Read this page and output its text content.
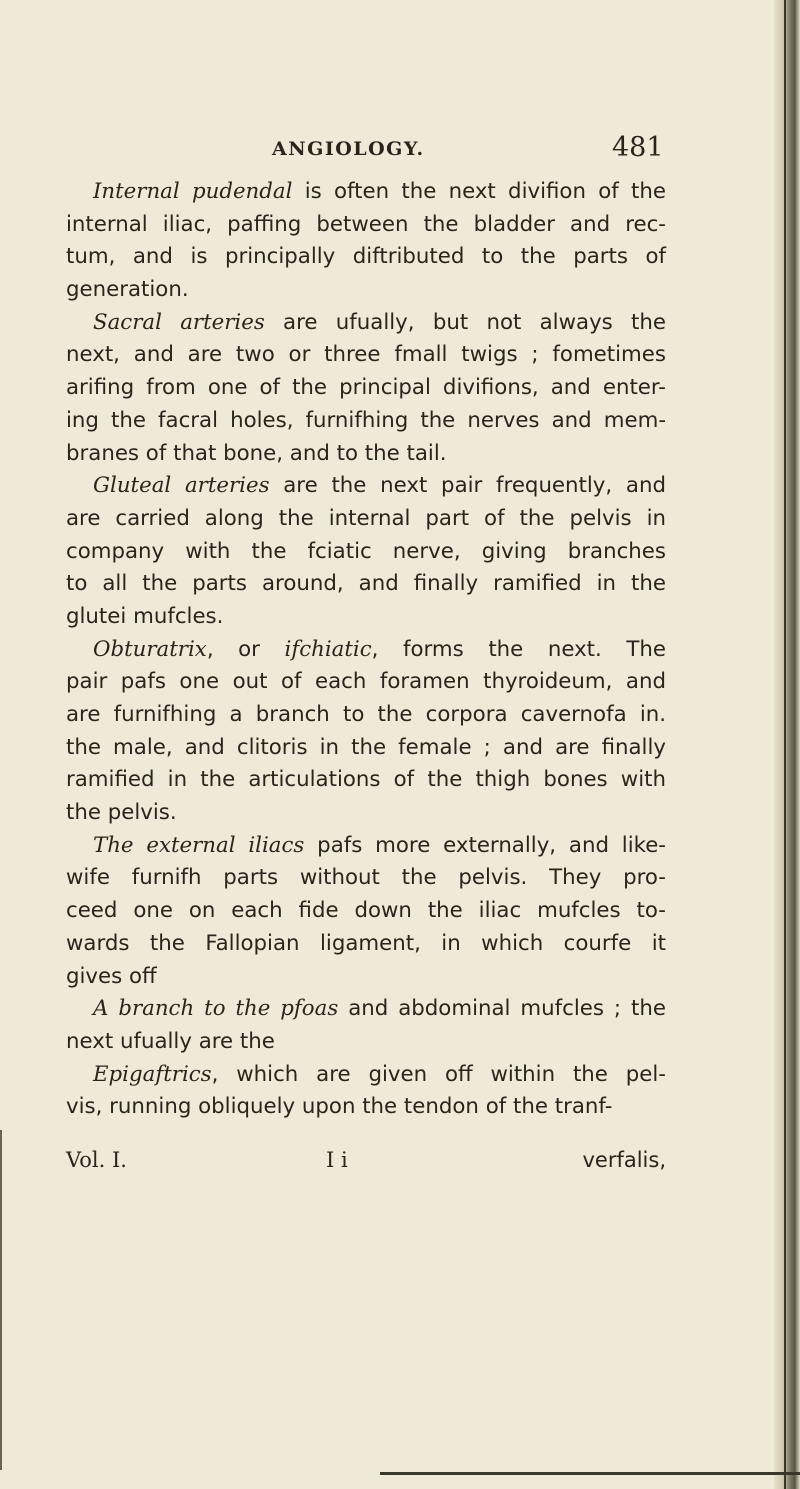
ANGIOLOGY.	481
Internal pudendal is often the next divifion of the
internal iliac, paffing between the bladder and rec-
tum, and is principally diftributed to the parts of
generation.
Sacral arteries are ufually, but not always the
next, and are two or three fmall twigs ; fometimes
arifing from one of the principal divifions, and enter-
ing the facral holes, furnifhing the nerves and mem-
branes of that bone, and to the tail.
Gluteal arteries are the next pair frequently, and
are carried along the internal part of the pelvis in
company with the fciatic nerve, giving branches
to all the parts around, and finally ramified in the
glutei mufcles.
Obturatrix, or ifchiatic, forms the next. The
pair pafs one out of each foramen thyroideum, and
are furnifhing a branch to the corpora cavernofa in.
the male, and clitoris in the female ; and are finally
ramified in the articulations of the thigh bones with
the pelvis.
The external iliacs pafs more externally, and like-
wife furnifh parts without the pelvis. They pro-
ceed one on each fide down the iliac mufcles to-
wards the Fallopian ligament, in which courfe it
gives off
A branch to the pfoas and abdominal mufcles ; the
next ufually are the
Epigaftrics, which are given off within the pel-
vis, running obliquely upon the tendon of the tranf-
Vol. I.	I i	verfalis,
